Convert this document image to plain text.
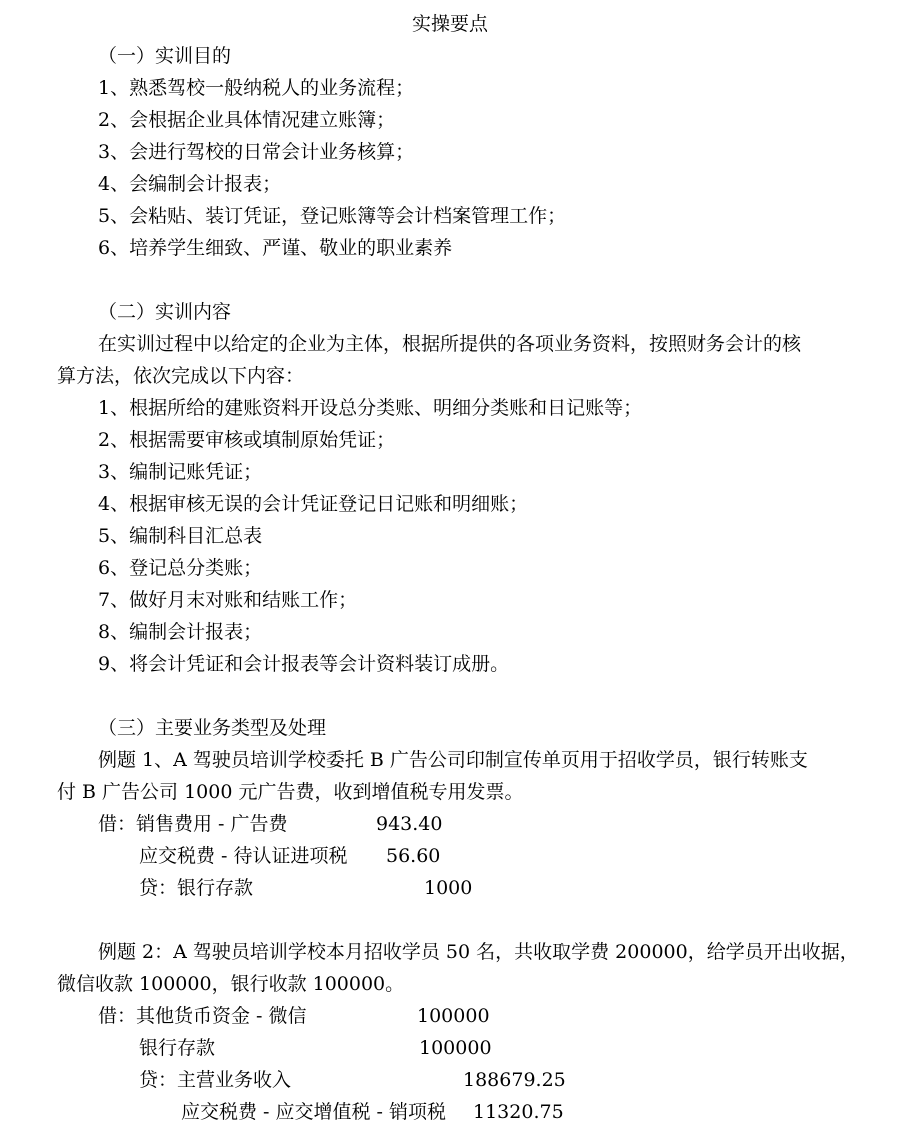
实操要点
（一）实训目的
1、熟悉驾校一般纳税人的业务流程；
2、会根据企业具体情况建立账簿；
3、会进行驾校的日常会计业务核算；
4、会编制会计报表；
5、会粘贴、装订凭证，登记账簿等会计档案管理工作；
6、培养学生细致、严谨、敬业的职业素养
（二）实训内容
在实训过程中以给定的企业为主体，根据所提供的各项业务资料，按照财务会计的核
算方法，依次完成以下内容：
1、根据所给的建账资料开设总分类账、明细分类账和日记账等；
2、根据需要审核或填制原始凭证；
3、编制记账凭证；
4、根据审核无误的会计凭证登记日记账和明细账；
5、编制科目汇总表
6、登记总分类账；
7、做好月末对账和结账工作；
8、编制会计报表；
9、将会计凭证和会计报表等会计资料装订成册。
（三）主要业务类型及处理
例题 1、A 驾驶员培训学校委托 B 广告公司印制宣传单页用于招收学员，银行转账支
付 B 广告公司 1000 元广告费，收到增值税专用发票。
借：销售费用 - 广告费	943.40
应交税费 - 待认证进项税 56.60
贷：银行存款	1000
例题 2：A 驾驶员培训学校本月招收学员 50 名，共收取学费 200000，给学员开出收据，
微信收款 100000，银行收款 100000。
借：其他货币资金 - 微信	100000
银行存款	100000
贷：主营业务收入	188679.25
应交税费 - 应交增值税 - 销项税 11320.75
